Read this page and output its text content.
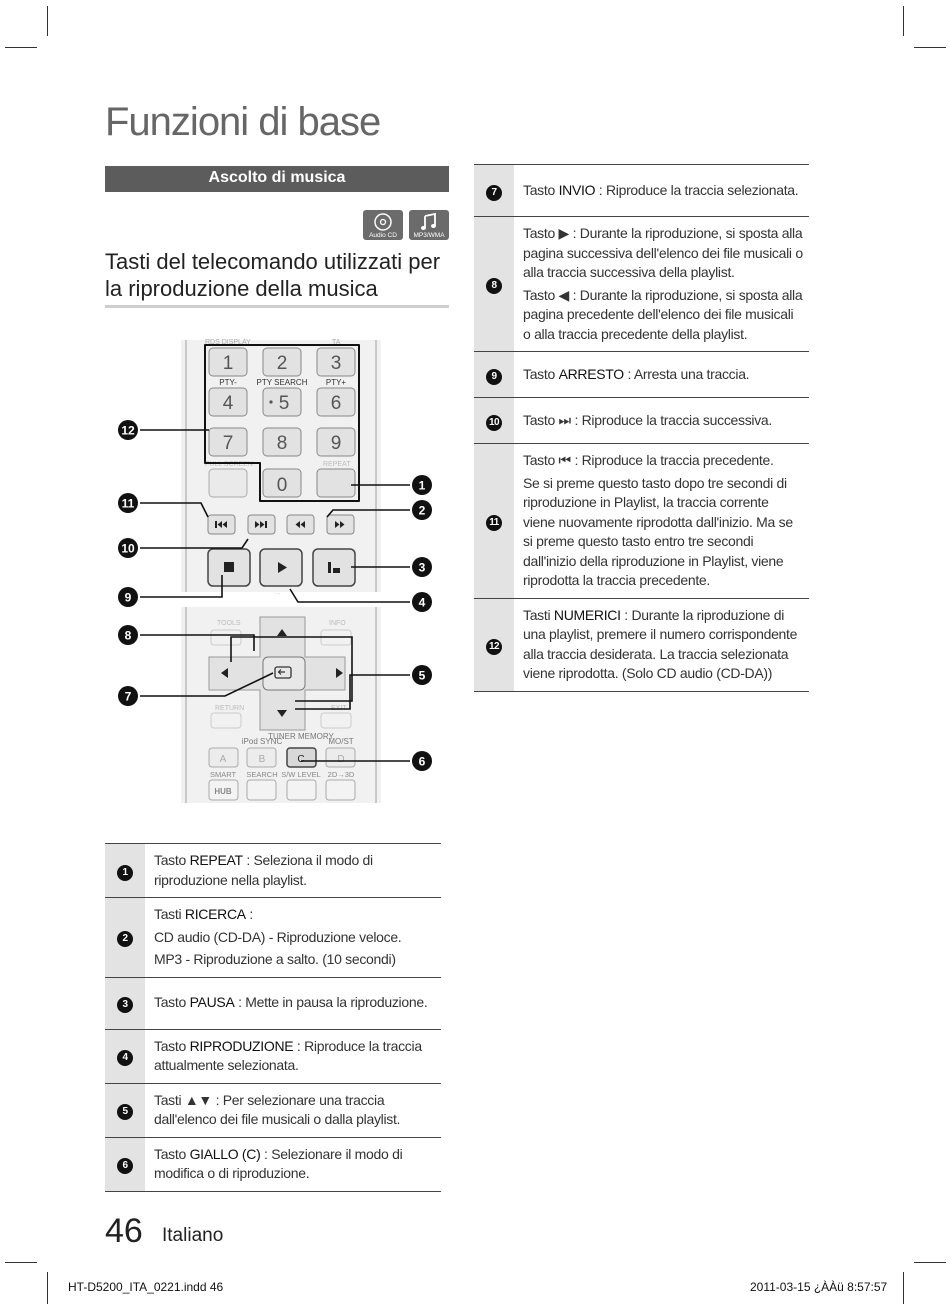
Funzioni di base
Ascolto di musica
Audio CD	MP3/WMA
Tasti del telecomando utilizzati per la riproduzione della musica
RDS DISPLAY	TA
1 2 3
PTY- PTY SEARCH PTY+
4 5 6
7 8 9
FULL SCREEN	REPEAT
0
. .
TOOLS	INFO
RETURN	EXIT
iPod SYNC
TUNER MEMORY
MO/ST
A	B	C	D
SMART SEARCH S/W LEVEL 2D→3D
HUB
12
11
10
9
8
7
1
2
3
4
5
6
1	Tasto REPEAT : Seleziona il modo di riproduzione nella playlist.

2	Tasti RICERCA :
CD audio (CD-DA) - Riproduzione veloce.
MP3 - Riproduzione a salto. (10 secondi)

3	Tasto PAUSA : Mette in pausa la riproduzione.

4	Tasto RIPRODUZIONE : Riproduce la traccia attualmente selezionata.

5	Tasti ▲▼ : Per selezionare una traccia dall'elenco dei file musicali o dalla playlist.

6	Tasto GIALLO (C) : Selezionare il modo di modifica o di riproduzione.
7	Tasto INVIO : Riproduce la traccia selezionata.

8	Tasto ▶ : Durante la riproduzione, si sposta alla pagina successiva dell'elenco dei file musicali o alla traccia successiva della playlist.
Tasto ◀ : Durante la riproduzione, si sposta alla pagina precedente dell'elenco dei file musicali o alla traccia precedente della playlist.

9	Tasto ARRESTO : Arresta una traccia.

10	Tasto ⏭ : Riproduce la traccia successiva.

11	Tasto ⏮ : Riproduce la traccia precedente.
Se si preme questo tasto dopo tre secondi di riproduzione in Playlist, la traccia corrente viene nuovamente riprodotta dall'inizio. Ma se si preme questo tasto entro tre secondi dall'inizio della riproduzione in Playlist, viene riprodotta la traccia precedente.

12	Tasti NUMERICI : Durante la riproduzione di una playlist, premere il numero corrispondente alla traccia desiderata. La traccia selezionata viene riprodotta. (Solo CD audio (CD-DA))
46 Italiano
HT-D5200_ITA_0221.indd 46	2011-03-15 ¿ÀÀü 8:57:57
